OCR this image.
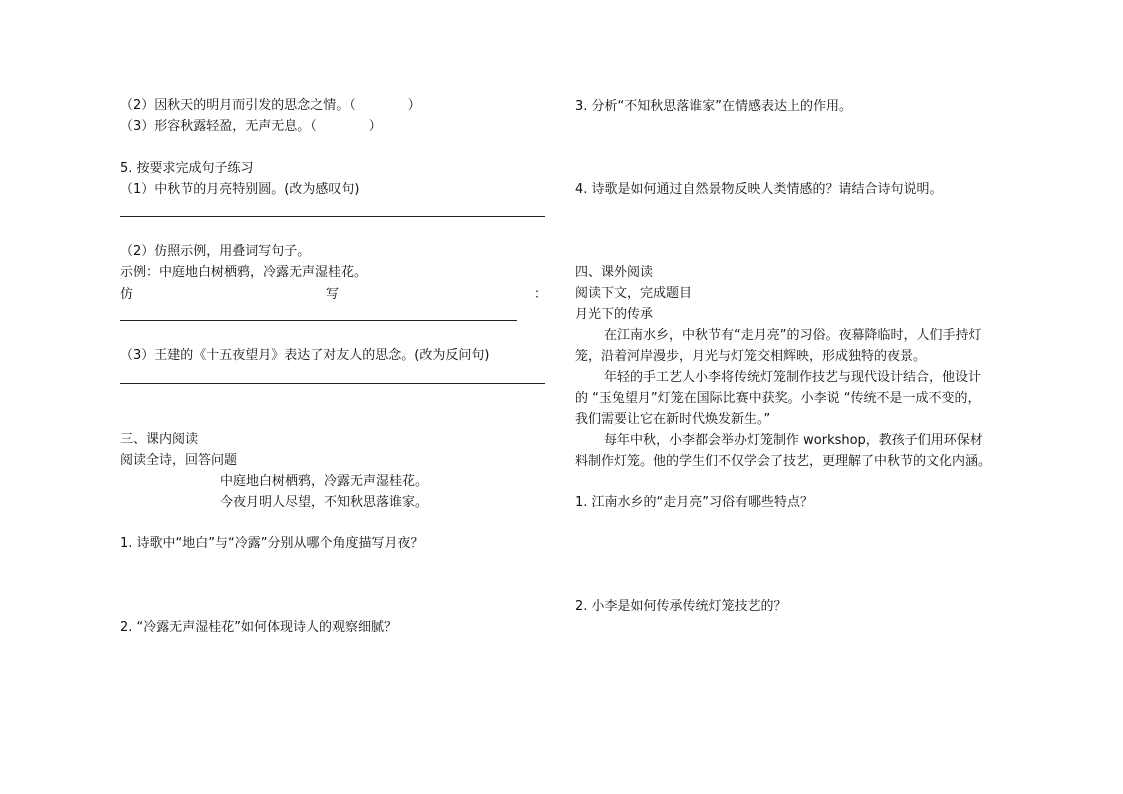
（2）因秋天的明月而引发的思念之情。（　　　　）
（3）形容秋露轻盈，无声无息。（　　　　）
5. 按要求完成句子练习
（1）中秋节的月亮特别圆。(改为感叹句)
（2）仿照示例，用叠词写句子。
示例：中庭地白树栖鸦，冷露无声湿桂花。
仿	写	：
（3）王建的《十五夜望月》表达了对友人的思念。(改为反问句)
三、课内阅读
阅读全诗，回答问题
中庭地白树栖鸦，冷露无声湿桂花。
今夜月明人尽望，不知秋思落谁家。
1. 诗歌中“地白”与“冷露”分别从哪个角度描写月夜？
2. “冷露无声湿桂花”如何体现诗人的观察细腻？
3. 分析“不知秋思落谁家”在情感表达上的作用。
4. 诗歌是如何通过自然景物反映人类情感的？请结合诗句说明。
四、课外阅读
阅读下文，完成题目
月光下的传承
在江南水乡，中秋节有“走月亮”的习俗。夜幕降临时，人们手持灯
笼，沿着河岸漫步，月光与灯笼交相辉映，形成独特的夜景。
年轻的手工艺人小李将传统灯笼制作技艺与现代设计结合，他设计
的 “玉兔望月”灯笼在国际比赛中获奖。小李说 “传统不是一成不变的，
我们需要让它在新时代焕发新生。”
每年中秋，小李都会举办灯笼制作 workshop，教孩子们用环保材
料制作灯笼。他的学生们不仅学会了技艺，更理解了中秋节的文化内涵。
1. 江南水乡的“走月亮”习俗有哪些特点？
2. 小李是如何传承传统灯笼技艺的？
